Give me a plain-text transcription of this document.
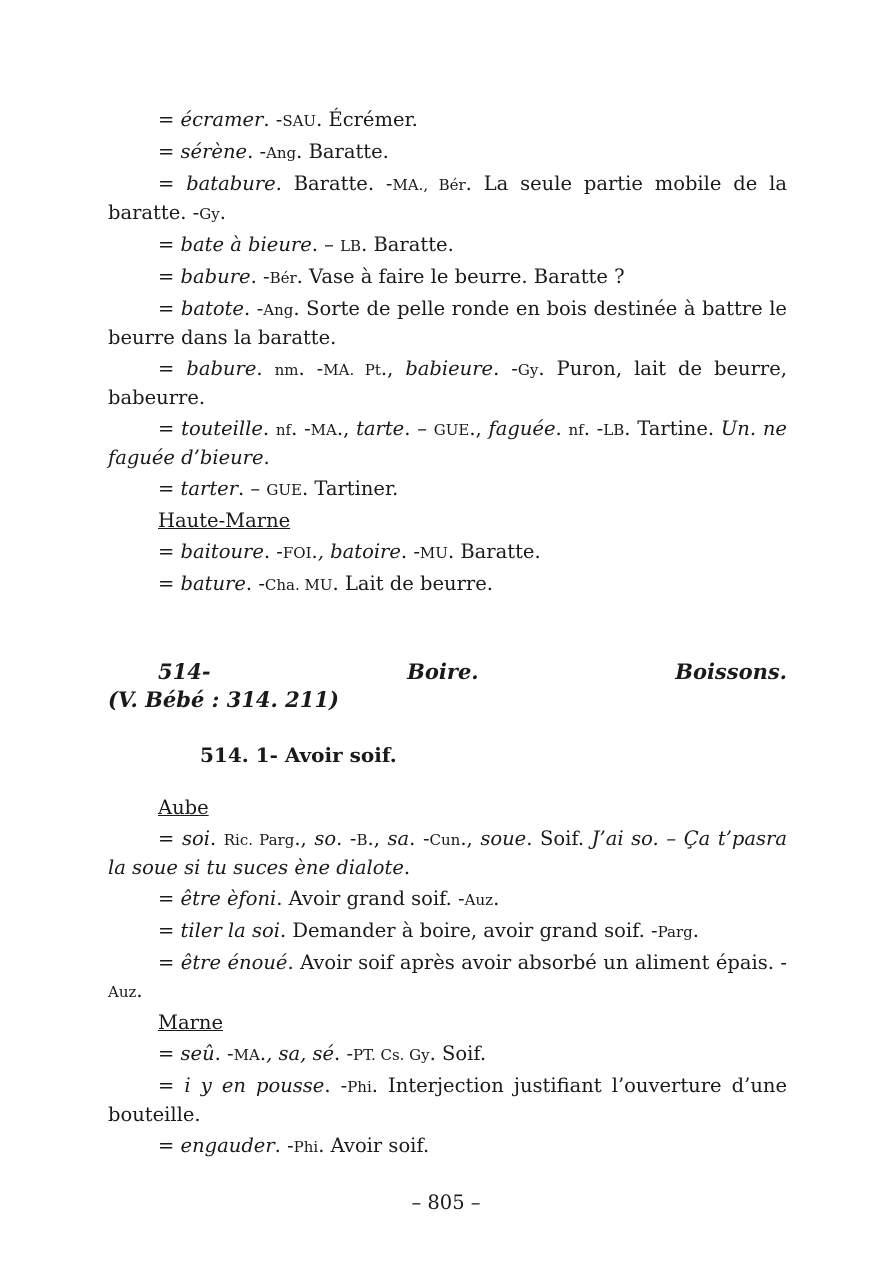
= écramer. -SAU. Écrémer.
= sérène. -Ang. Baratte.
= batabure. Baratte. -MA., Bér. La seule partie mobile de la baratte. -Gy.
= bate à bieure. – LB. Baratte.
= babure. -Bér. Vase à faire le beurre. Baratte ?
= batote. -Ang. Sorte de pelle ronde en bois destinée à battre le beurre dans la baratte.
= babure. nm. -MA. Pt., babieure. -Gy. Puron, lait de beurre, babeurre.
= touteille. nf. -MA., tarte. – GUE., faguée. nf. -LB. Tartine. Un. ne faguée d’bieure.
= tarter. – GUE. Tartiner.
Haute-Marne
= baitoure. -FOI., batoire. -MU. Baratte.
= bature. -Cha. MU. Lait de beurre.
514-	Boire.	Boissons.
(V. Bébé : 314. 211)
514. 1- Avoir soif.
Aube
= soi. Ric. Parg., so. -B., sa. -Cun., soue. Soif. J’ai so. – Ça t’pasra la soue si tu suces ène dialote.
= être èfoni. Avoir grand soif. -Auz.
= tiler la soi. Demander à boire, avoir grand soif. -Parg.
= être énoué. Avoir soif après avoir absorbé un aliment épais. -Auz.
Marne
= seû. -MA., sa, sé. -PT. Cs. Gy. Soif.
= i y en pousse. -Phi. Interjection justifiant l’ouverture d’une bouteille.
= engauder. -Phi. Avoir soif.
– 805 –
